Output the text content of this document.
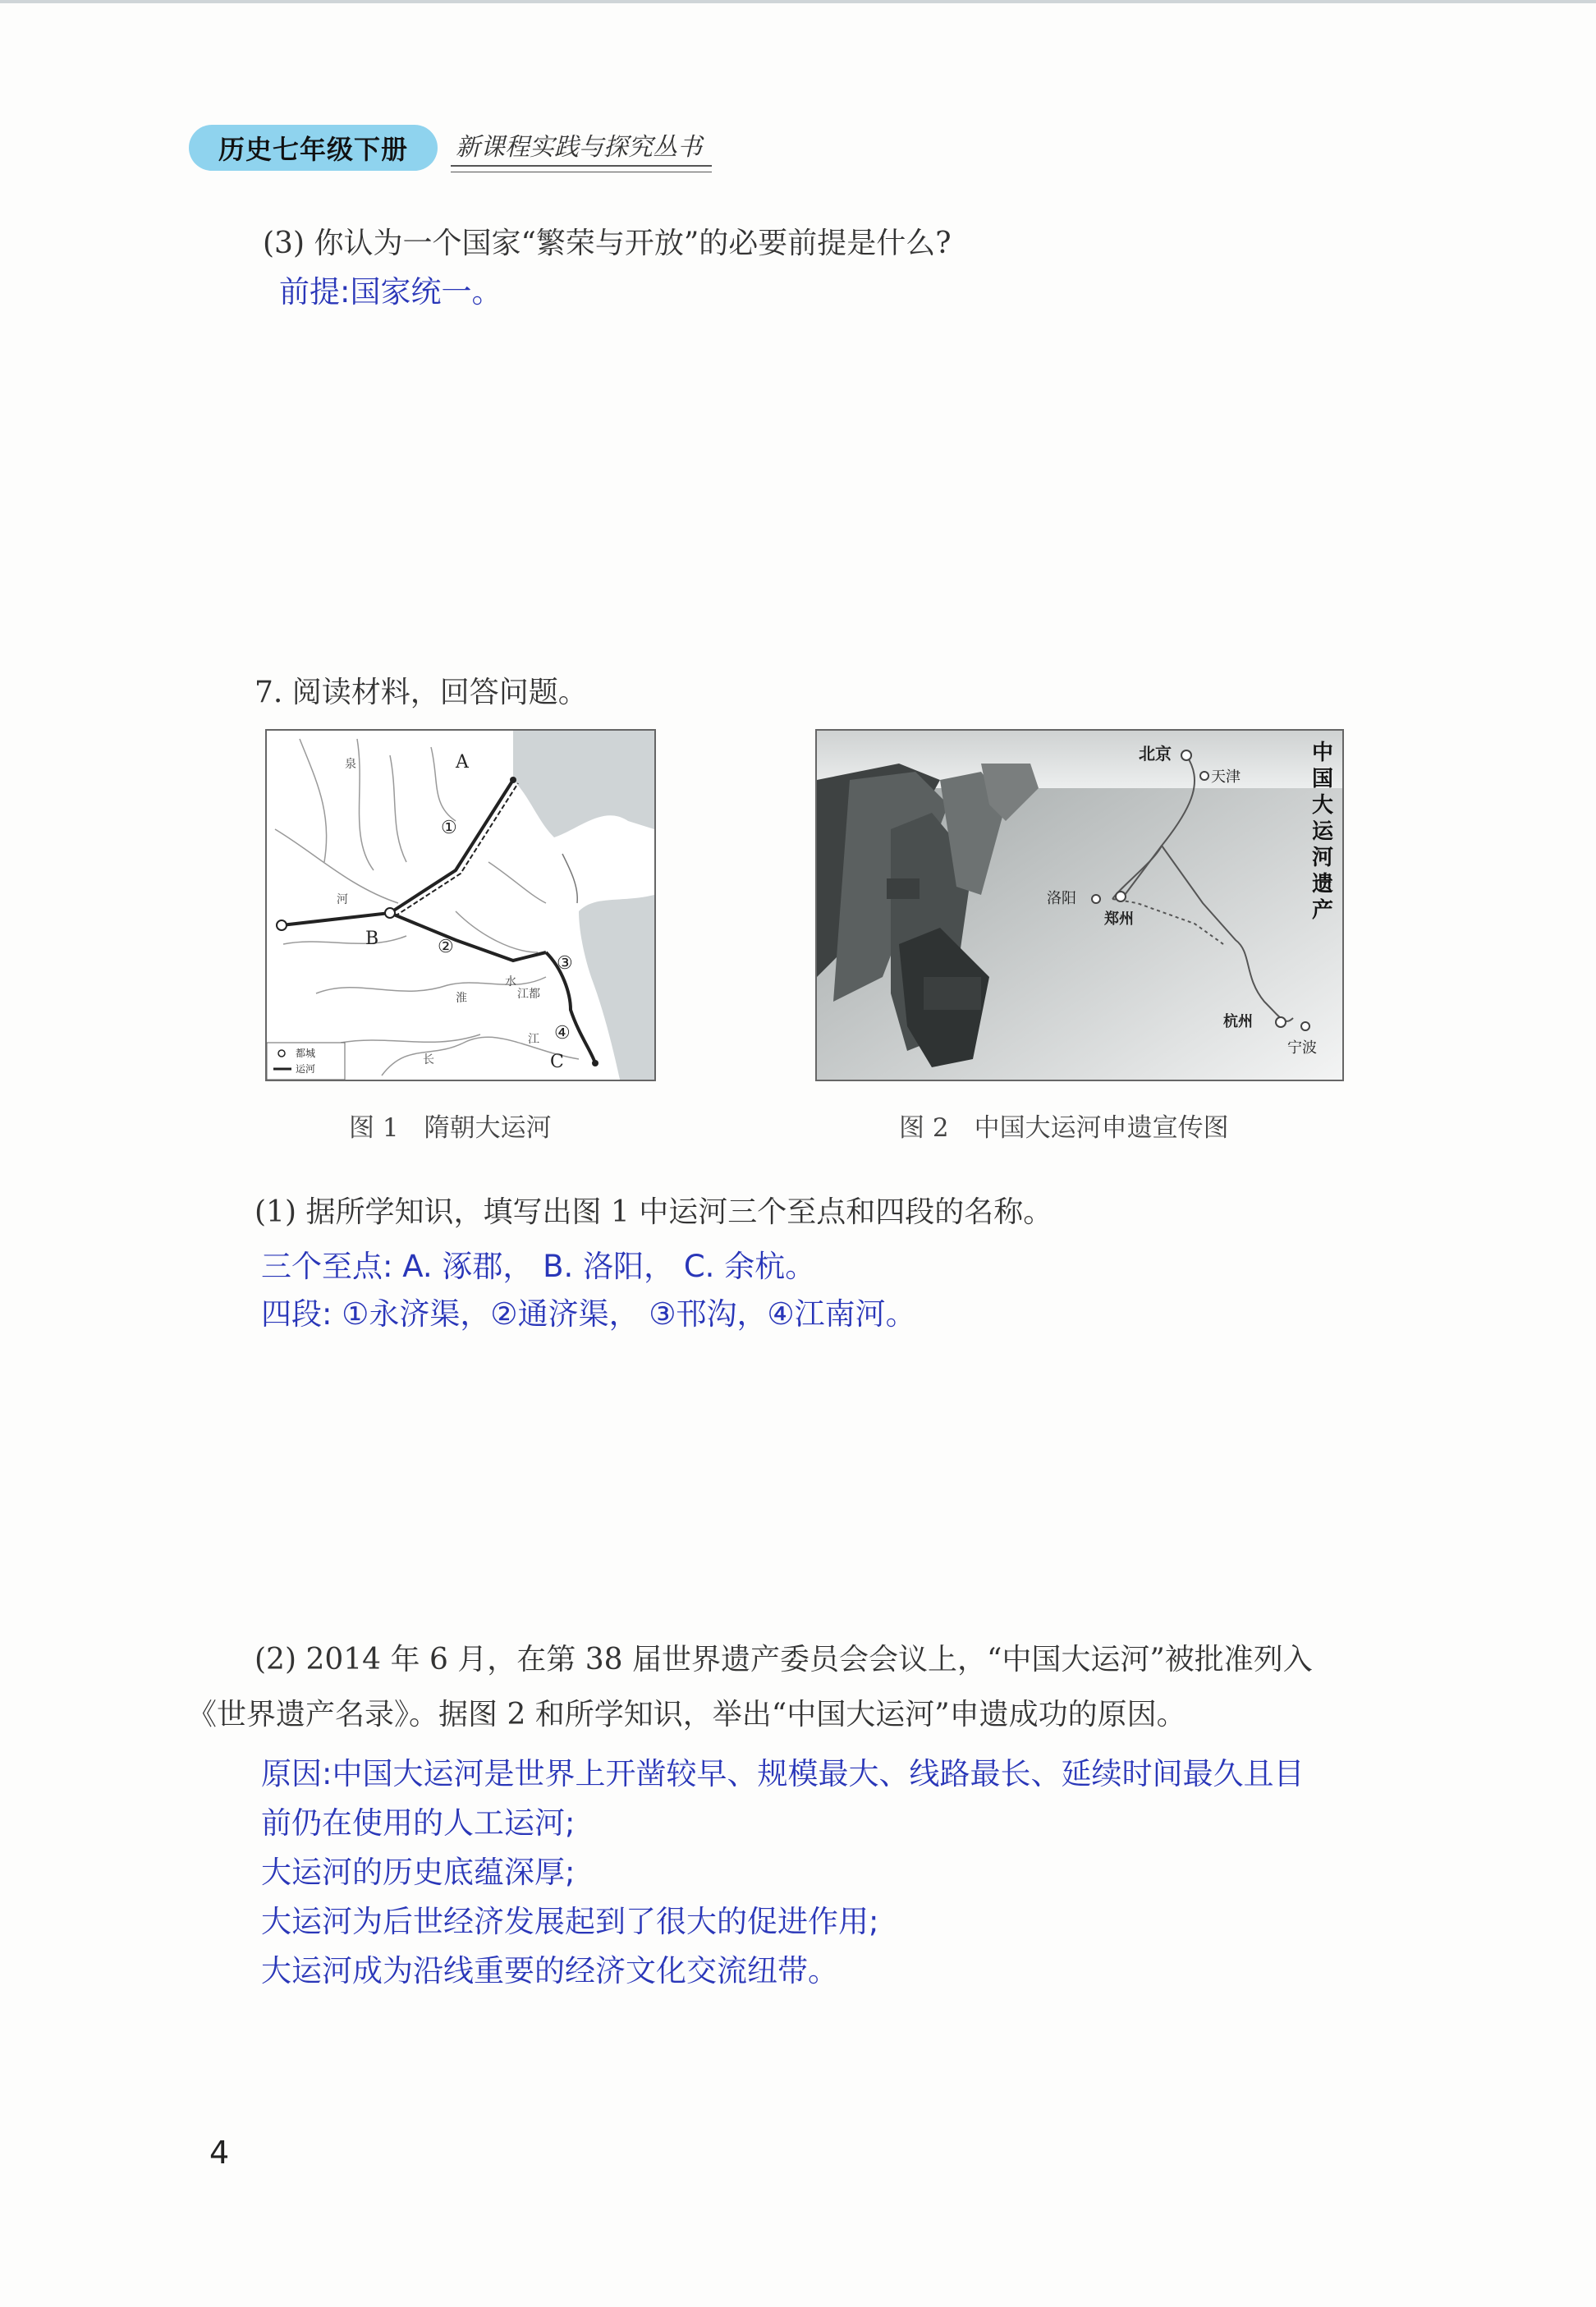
历史七年级下册	新课程实践与探究丛书
(3) 你认为一个国家“繁荣与开放”的必要前提是什么?
前提:国家统一。
7. 阅读材料，回答问题。
A
B
C
①
②
③
④
泉
河
水
江都
淮
江
长
都城
运河
图 1　隋朝大运河
北京
天津
洛阳
郑州
杭州
宁波
中
国
大
运
河
遗
产
图 2　中国大运河申遗宣传图
(1) 据所学知识，填写出图 1 中运河三个至点和四段的名称。
三个至点: A. 涿郡， B. 洛阳， C. 余杭。
四段: ①永济渠，②通济渠， ③邗沟，④江南河。
(2) 2014 年 6 月，在第 38 届世界遗产委员会会议上，“中国大运河”被批准列入
《世界遗产名录》。据图 2 和所学知识，举出“中国大运河”申遗成功的原因。
原因:中国大运河是世界上开凿较早、规模最大、线路最长、延续时间最久且目
前仍在使用的人工运河;
大运河的历史底蕴深厚;
大运河为后世经济发展起到了很大的促进作用;
大运河成为沿线重要的经济文化交流纽带。
4
